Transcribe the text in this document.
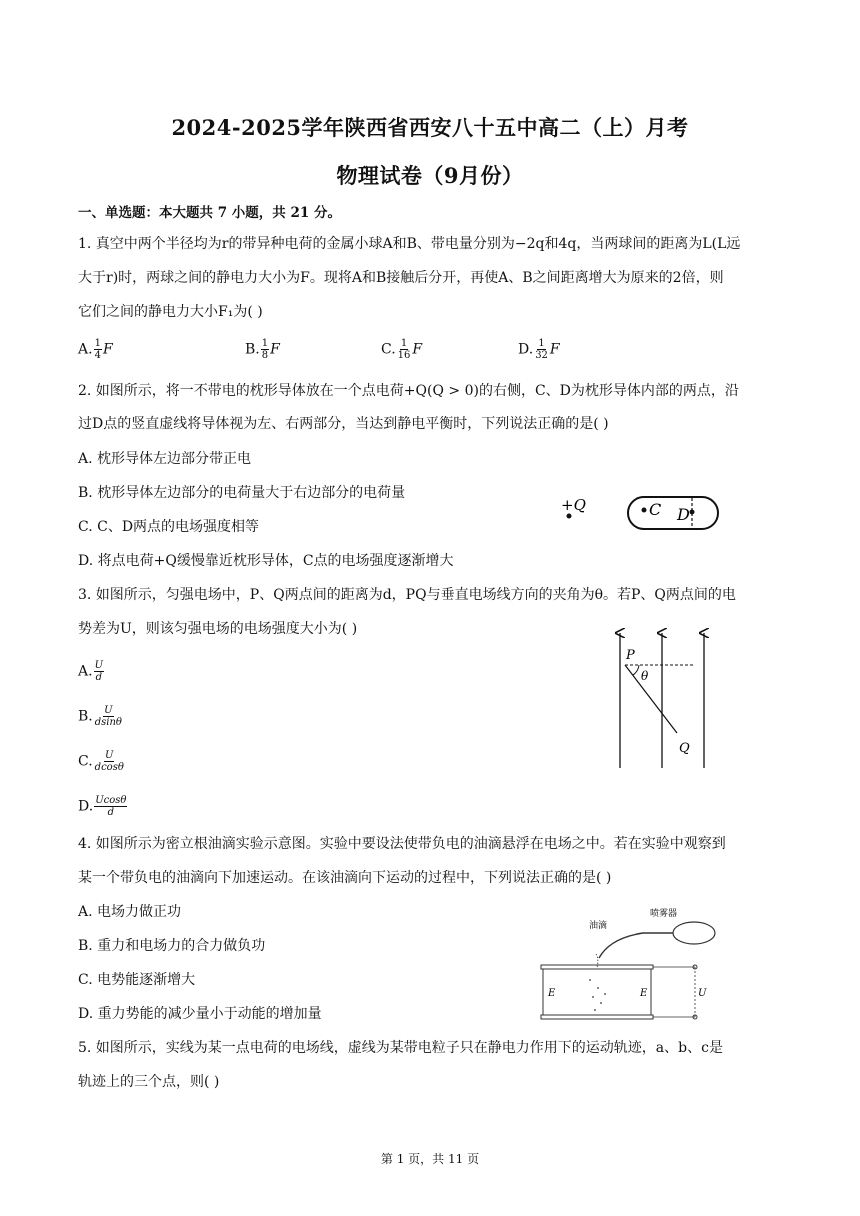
2024-2025学年陕西省西安八十五中高二（上）月考
物理试卷（9月份）
一、单选题：本大题共 7 小题，共 21 分。
1. 真空中两个半径均为r的带异种电荷的金属小球A和B、带电量分别为−2q和4q，当两球间的距离为L(L远
大于r)时，两球之间的静电力大小为F。现将A和B接触后分开，再使A、B之间距离增大为原来的2倍，则
它们之间的静电力大小F₁为( )
A. $\frac{1}{4}$ F	B. $\frac{1}{8}$ F	C. $\frac{1}{16}$ F	D. $\frac{1}{32}$ F
2. 如图所示，将一不带电的枕形导体放在一个点电荷+Q(Q > 0)的右侧，C、D为枕形导体内部的两点，沿
过D点的竖直虚线将导体视为左、右两部分，当达到静电平衡时，下列说法正确的是( )
A. 枕形导体左边部分带正电
B. 枕形导体左边部分的电荷量大于右边部分的电荷量
C. C、D两点的电场强度相等
D. 将点电荷+Q缓慢靠近枕形导体，C点的电场强度逐渐增大
+Q	C D
3. 如图所示，匀强电场中，P、Q两点间的距离为d，PQ与垂直电场线方向的夹角为θ。若P、Q两点间的电
势差为U，则该匀强电场的电场强度大小为( )
A. $\frac{U}{d}$
B. $\frac{U}{dsin\theta}$
C. $\frac{U}{dcos\theta}$
D. $\frac{Ucos\theta}{d}$
P
θ
Q
4. 如图所示为密立根油滴实验示意图。实验中要设法使带负电的油滴悬浮在电场之中。若在实验中观察到
某一个带负电的油滴向下加速运动。在该油滴向下运动的过程中，下列说法正确的是( )
A. 电场力做正功
B. 重力和电场力的合力做负功
C. 电势能逐渐增大
D. 重力势能的减少量小于动能的增加量
油滴
喷雾器
E	E	U
5. 如图所示，实线为某一点电荷的电场线，虚线为某带电粒子只在静电力作用下的运动轨迹，a、b、c是
轨迹上的三个点，则( )
第 1 页，共 11 页
